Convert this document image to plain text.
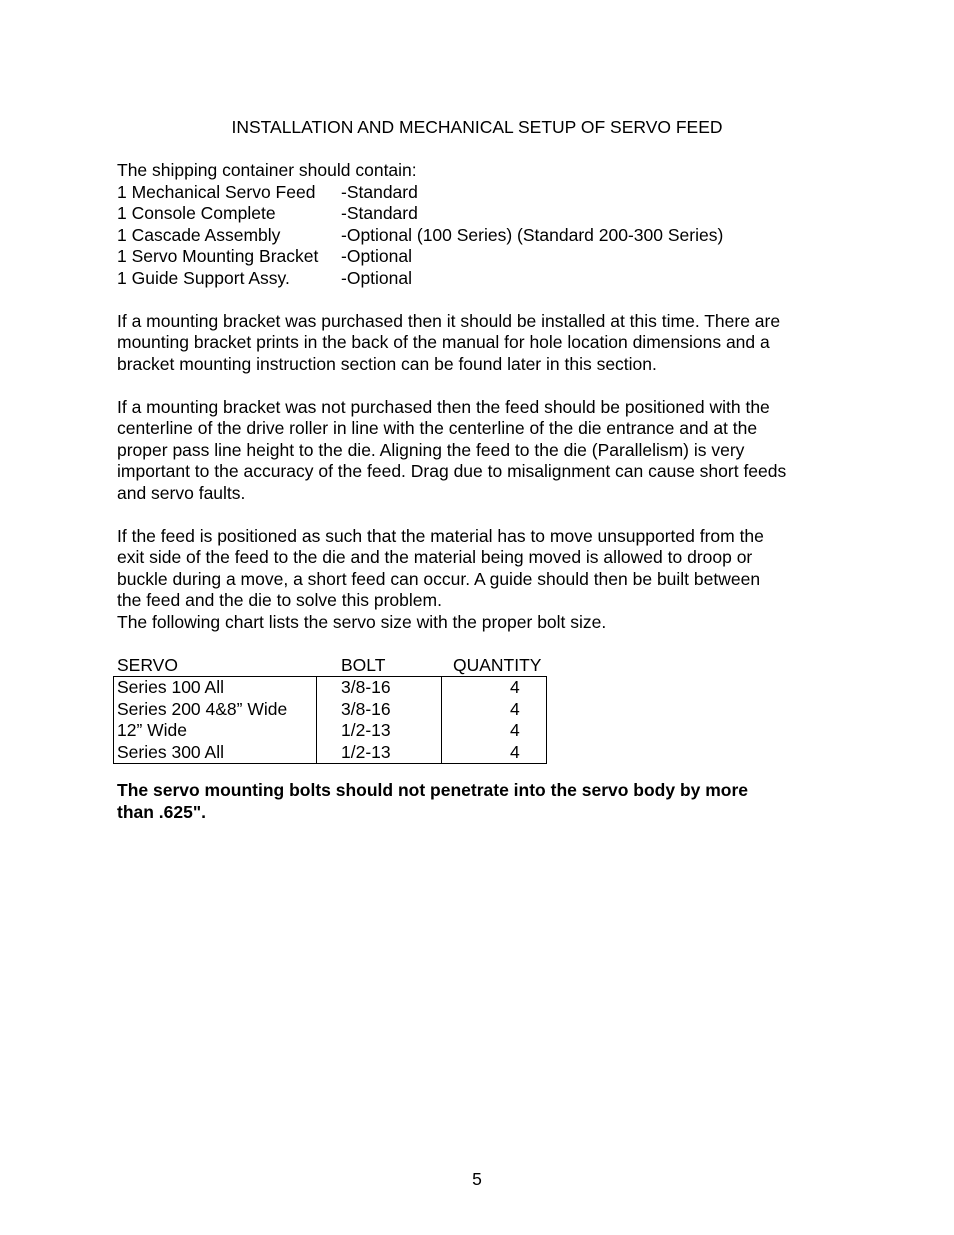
INSTALLATION AND MECHANICAL SETUP OF SERVO FEED
The shipping container should contain:
1 Mechanical Servo Feed	-Standard
1 Console Complete	-Standard
1 Cascade Assembly	-Optional (100 Series) (Standard 200-300 Series)
1 Servo Mounting Bracket	-Optional
1 Guide Support Assy.	-Optional
If a mounting bracket was purchased then it should be installed at this time. There are
mounting bracket prints in the back of the manual for hole location dimensions and a
bracket mounting instruction section can be found later in this section.
If a mounting bracket was not purchased then the feed should be positioned with the
centerline of the drive roller in line with the centerline of the die entrance and at the
proper pass line height to the die. Aligning the feed to the die (Parallelism) is very
important to the accuracy of the feed. Drag due to misalignment can cause short feeds
and servo faults.
If the feed is positioned as such that the material has to move unsupported from the
exit side of the feed to the die and the material being moved is allowed to droop or
buckle during a move, a short feed can occur. A guide should then be built between
the feed and the die to solve this problem.
The following chart lists the servo size with the proper bolt size.
SERVO	BOLT	QUANTITY
Series 100 All	3/8-16	4
Series 200 4&8” Wide	3/8-16	4
12” Wide	1/2-13	4
Series 300 All	1/2-13	4
The servo mounting bolts should not penetrate into the servo body by more
than .625".
5
